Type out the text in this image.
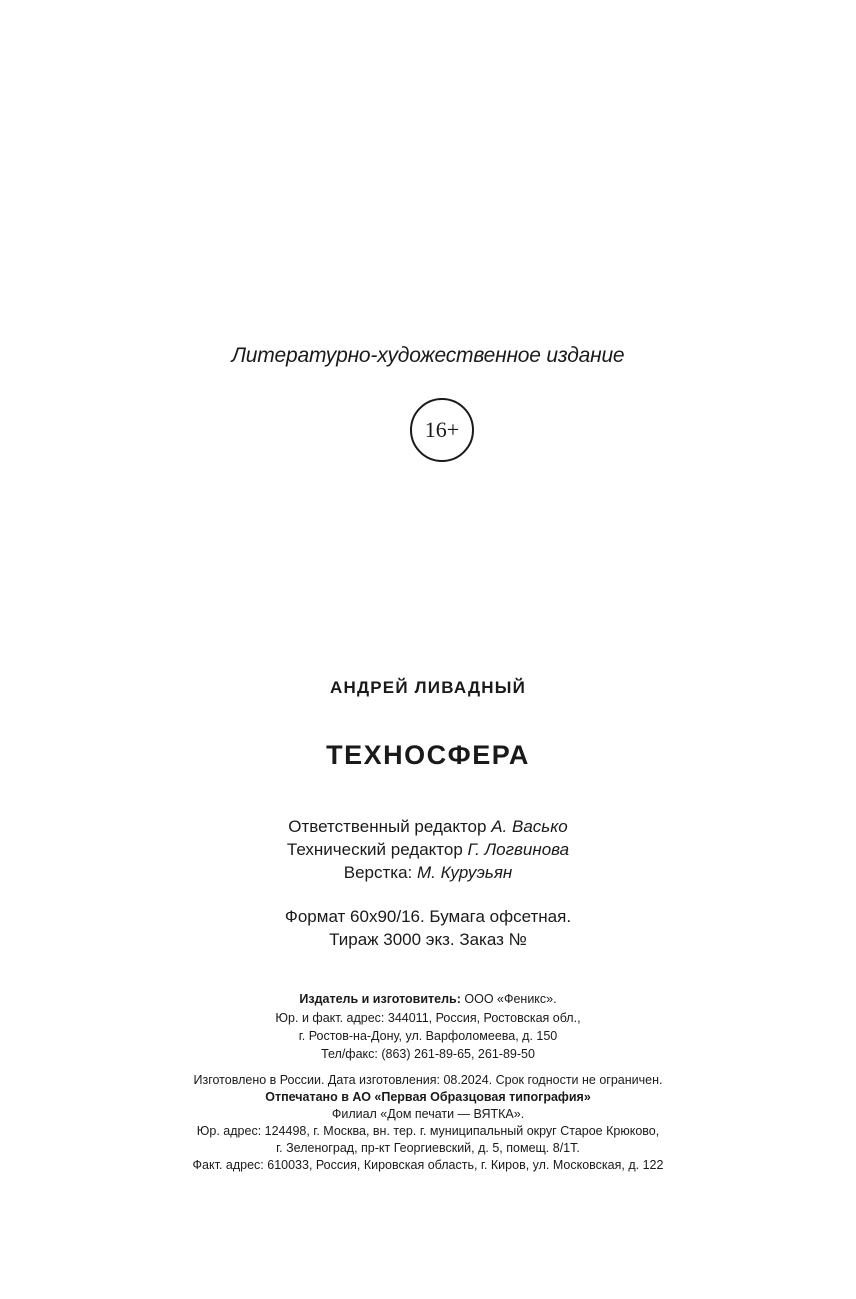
Литературно-художественное издание
16+
АНДРЕЙ ЛИВАДНЫЙ
ТЕХНОСФЕРА
Ответственный редактор А. Васько
Технический редактор Г. Логвинова
Верстка: М. Куруэьян
Формат 60х90/16. Бумага офсетная.
Тираж 3000 экз. Заказ №
Издатель и изготовитель: ООО «Феникс».
Юр. и факт. адрес: 344011, Россия, Ростовская обл.,
г. Ростов-на-Дону, ул. Варфоломеева, д. 150
Тел/факс: (863) 261-89-65, 261-89-50
Изготовлено в России. Дата изготовления: 08.2024. Срок годности не ограничен.
Отпечатано в АО «Первая Образцовая типография»
Филиал «Дом печати — ВЯТКА».
Юр. адрес: 124498, г. Москва, вн. тер. г. муниципальный округ Старое Крюково,
г. Зеленоград, пр-кт Георгиевский, д. 5, помещ. 8/1Т.
Факт. адрес: 610033, Россия, Кировская область, г. Киров, ул. Московская, д. 122
